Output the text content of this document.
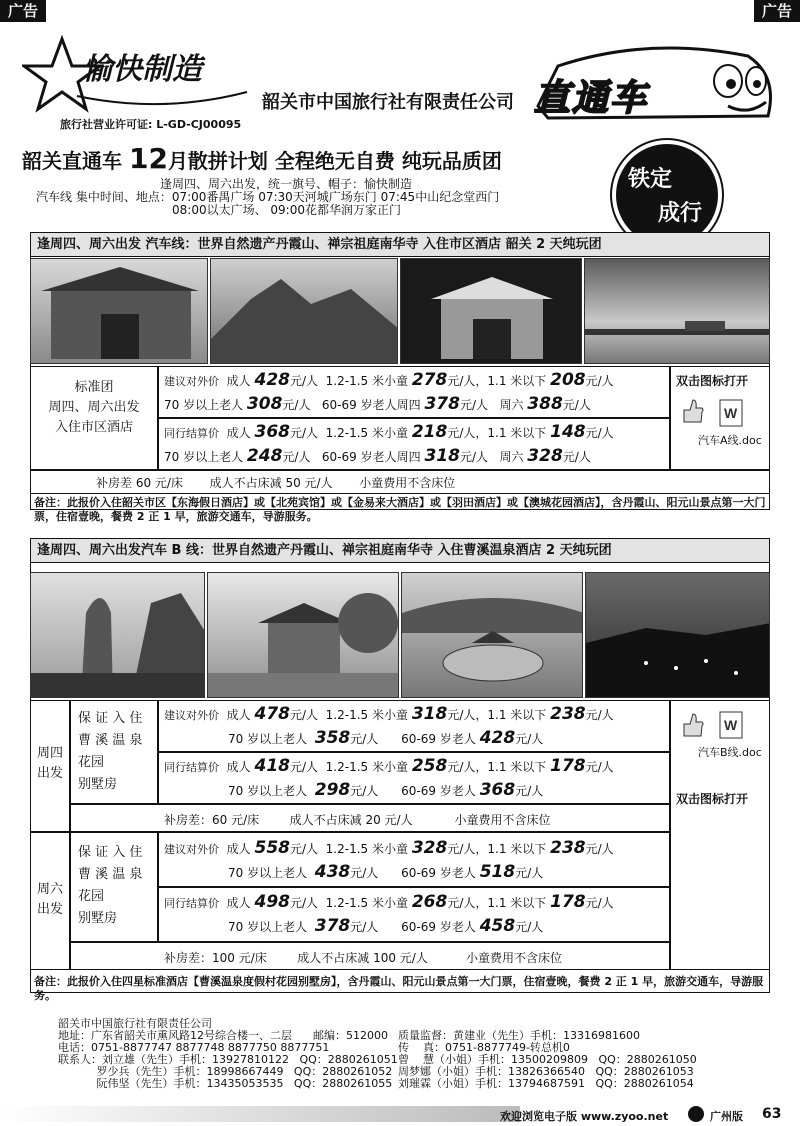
广告	广告
愉快制造
旅行社营业许可证: L-GD-CJ00095
韶关市中国旅行社有限责任公司 直通车
韶关直通车 12月散拼计划 全程绝无自费 纯玩品质团
铁定
成行
逢周四、周六出发，统一旗号、帽子：愉快制造
汽车线 集中时间、地点：07:00番禺广场 07:30天河城广场东门 07:45中山纪念堂西门
08:00以太广场、 09:00花都华润万家正门
逢周四、周六出发 汽车线：世界自然遗产丹霞山、禅宗祖庭南华寺 入住市区酒店 韶关 2 天纯玩团
标准团
周四、周六出发
入住市区酒店
建议对外价 成人 428元/人 1.2-1.5 米小童 278元/人，1.1 米以下 208元/人
70 岁以上老人 308元/人 60-69 岁老人周四 378元/人 周六 388元/人
同行结算价 成人 368元/人 1.2-1.5 米小童 218元/人，1.1 米以下 148元/人
70 岁以上老人 248元/人 60-69 岁老人周四 318元/人 周六 328元/人
双击图标打开
W
汽车A线.doc
补房差 60 元/床       成人不占床减 50 元/人       小童费用不含床位
备注：此报价入住韶关市区【东海假日酒店】或【北苑宾馆】或【金易来大酒店】或【羽田酒店】或【澳城花园酒店】，含丹霞山、阳元山景点第一大门票，住宿壹晚，餐费 2 正 1 早，旅游交通车，导游服务。
逢周四、周六出发汽车 B 线：世界自然遗产丹霞山、禅宗祖庭南华寺 入住曹溪温泉酒店 2 天纯玩团
周四
出发
保 证 入 住
曹 溪 温 泉
花园
别墅房
建议对外价 成人 478元/人 1.2-1.5 米小童 318元/人，1.1 米以下 238元/人
70 岁以上老人 358元/人 60-69 岁老人 428元/人
同行结算价 成人 418元/人 1.2-1.5 米小童 258元/人，1.1 米以下 178元/人
70 岁以上老人 298元/人 60-69 岁老人 368元/人
补房差：60 元/床        成人不占床减 20 元/人           小童费用不含床位
周六
出发
保 证 入 住
曹 溪 温 泉
花园
别墅房
建议对外价 成人 558元/人 1.2-1.5 米小童 328元/人，1.1 米以下 238元/人
70 岁以上老人 438元/人 60-69 岁老人 518元/人
同行结算价 成人 498元/人 1.2-1.5 米小童 268元/人，1.1 米以下 178元/人
70 岁以上老人 378元/人 60-69 岁老人 458元/人
补房差：100 元/床        成人不占床减 100 元/人          小童费用不含床位
W
汽车B线.doc
双击图标打开
备注：此报价入住四星标准酒店【曹溪温泉度假村花园别墅房】，含丹霞山、阳元山景点第一大门票，住宿壹晚，餐费 2 正 1 早，旅游交通车，导游服务。
韶关市中国旅行社有限责任公司
地址：广东省韶关市熏风路12号综合楼一、二层      邮编：512000
电话：0751-8877747 8877748 8877750 8877751
联系人：刘立雄（先生）手机：13927810122   QQ：2880261051
罗少兵（先生）手机：18998667449   QQ：2880261052
阮伟坚（先生）手机：13435053535   QQ：2880261055
质量监督：黄建业（先生）手机：13316981600
传    真：0751-8877749-转总机0
曾    慧（小姐）手机：13500209809   QQ：2880261050
周梦娜（小姐）手机：13826366540   QQ：2880261053
刘璀霖（小姐）手机：13794687591   QQ：2880261054
欢迎浏览电子版 www.zyoo.net	广州版 63
